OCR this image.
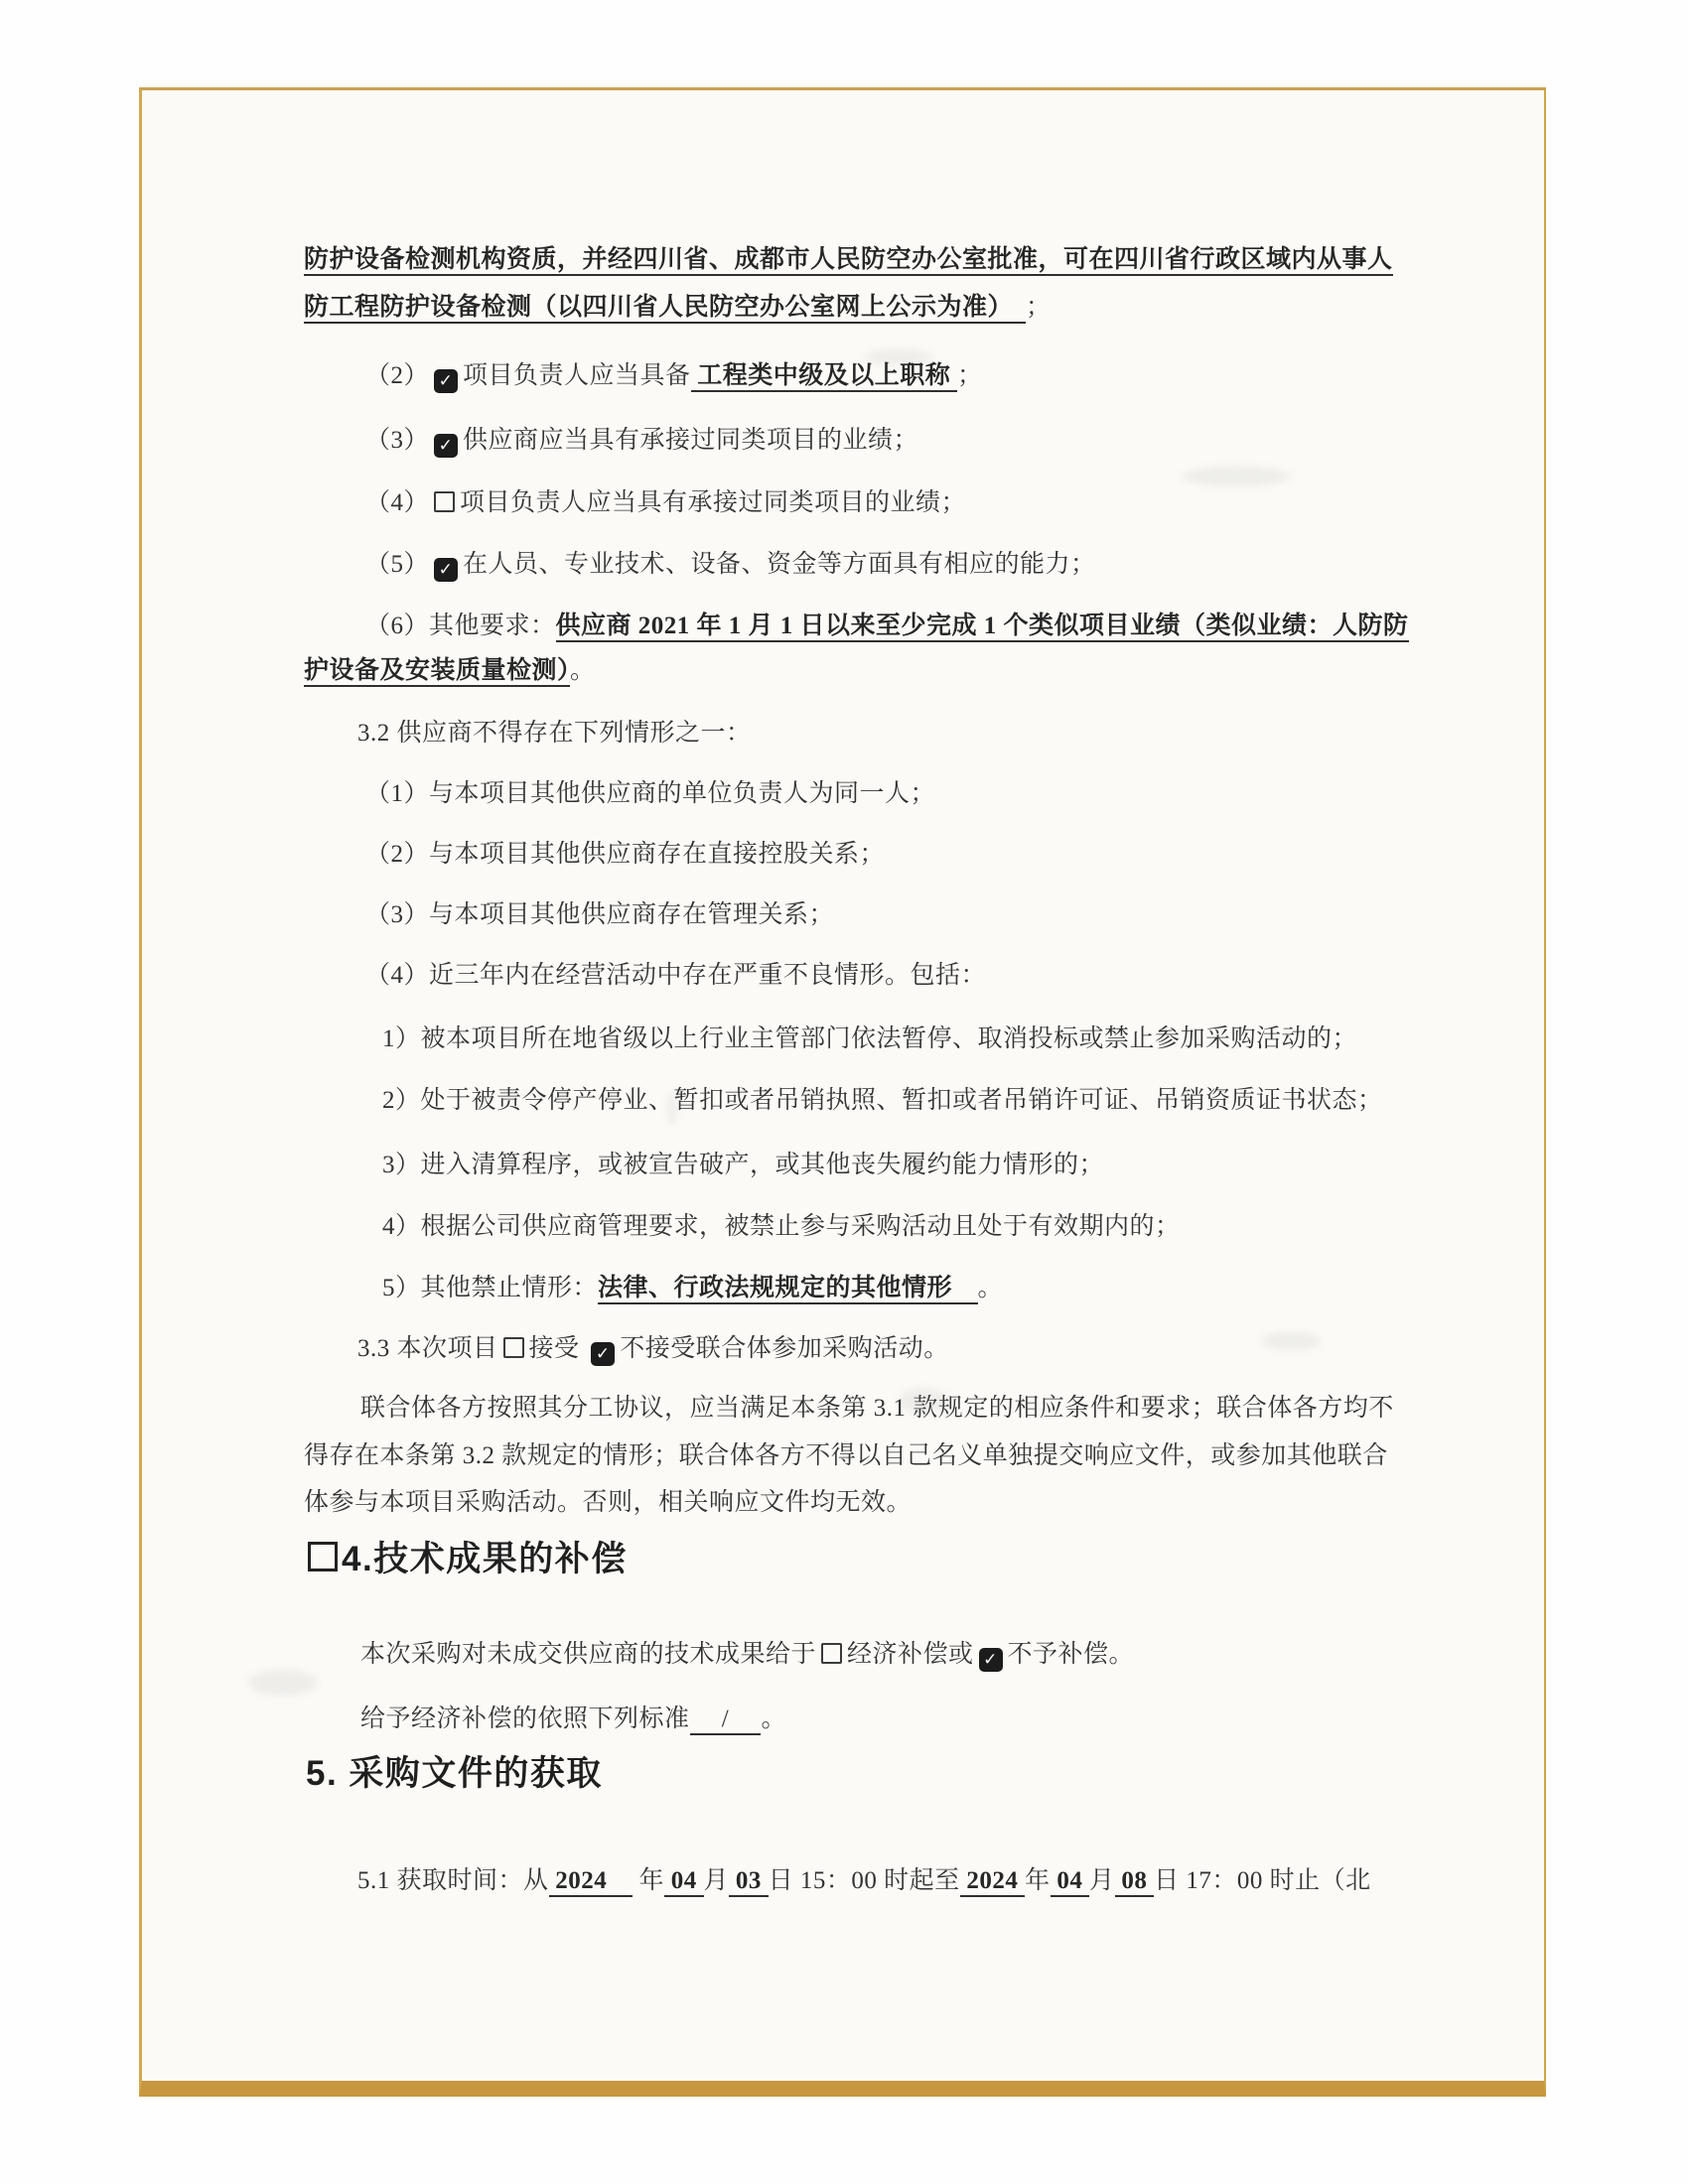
防护设备检测机构资质，并经四川省、成都市人民防空办公室批准，可在四川省行政区域内从事人
防工程防护设备检测（以四川省人民防空办公室网上公示为准）　；
（2） ✓ 项目负责人应当具备 工程类中级及以上职称 ；
（3） ✓ 供应商应当具有承接过同类项目的业绩；
（4） 项目负责人应当具有承接过同类项目的业绩；
（5） ✓ 在人员、专业技术、设备、资金等方面具有相应的能力；
（6）其他要求：供应商 2021 年 1 月 1 日以来至少完成 1 个类似项目业绩（类似业绩：人防防
护设备及安装质量检测）。
3.2 供应商不得存在下列情形之一：
（1）与本项目其他供应商的单位负责人为同一人；
（2）与本项目其他供应商存在直接控股关系；
（3）与本项目其他供应商存在管理关系；
（4）近三年内在经营活动中存在严重不良情形。包括：
1）被本项目所在地省级以上行业主管部门依法暂停、取消投标或禁止参加采购活动的；
2）处于被责令停产停业、暂扣或者吊销执照、暂扣或者吊销许可证、吊销资质证书状态；
3）进入清算程序，或被宣告破产，或其他丧失履约能力情形的；
4）根据公司供应商管理要求，被禁止参与采购活动且处于有效期内的；
5）其他禁止情形：法律、行政法规规定的其他情形　。
3.3 本次项目 接受 ✓不接受联合体参加采购活动。
联合体各方按照其分工协议，应当满足本条第 3.1 款规定的相应条件和要求；联合体各方均不
得存在本条第 3.2 款规定的情形；联合体各方不得以自己名义单独提交响应文件，或参加其他联合
体参与本项目采购活动。否则，相关响应文件均无效。
4.技术成果的补偿
本次采购对未成交供应商的技术成果给于 经济补偿或 ✓ 不予补偿。
给予经济补偿的依照下列标准　 / 　。
5. 采购文件的获取
5.1 获取时间：从 2024　 年 04 月 03 日 15：00 时起至 2024 年 04 月 08 日 17：00 时止（北
